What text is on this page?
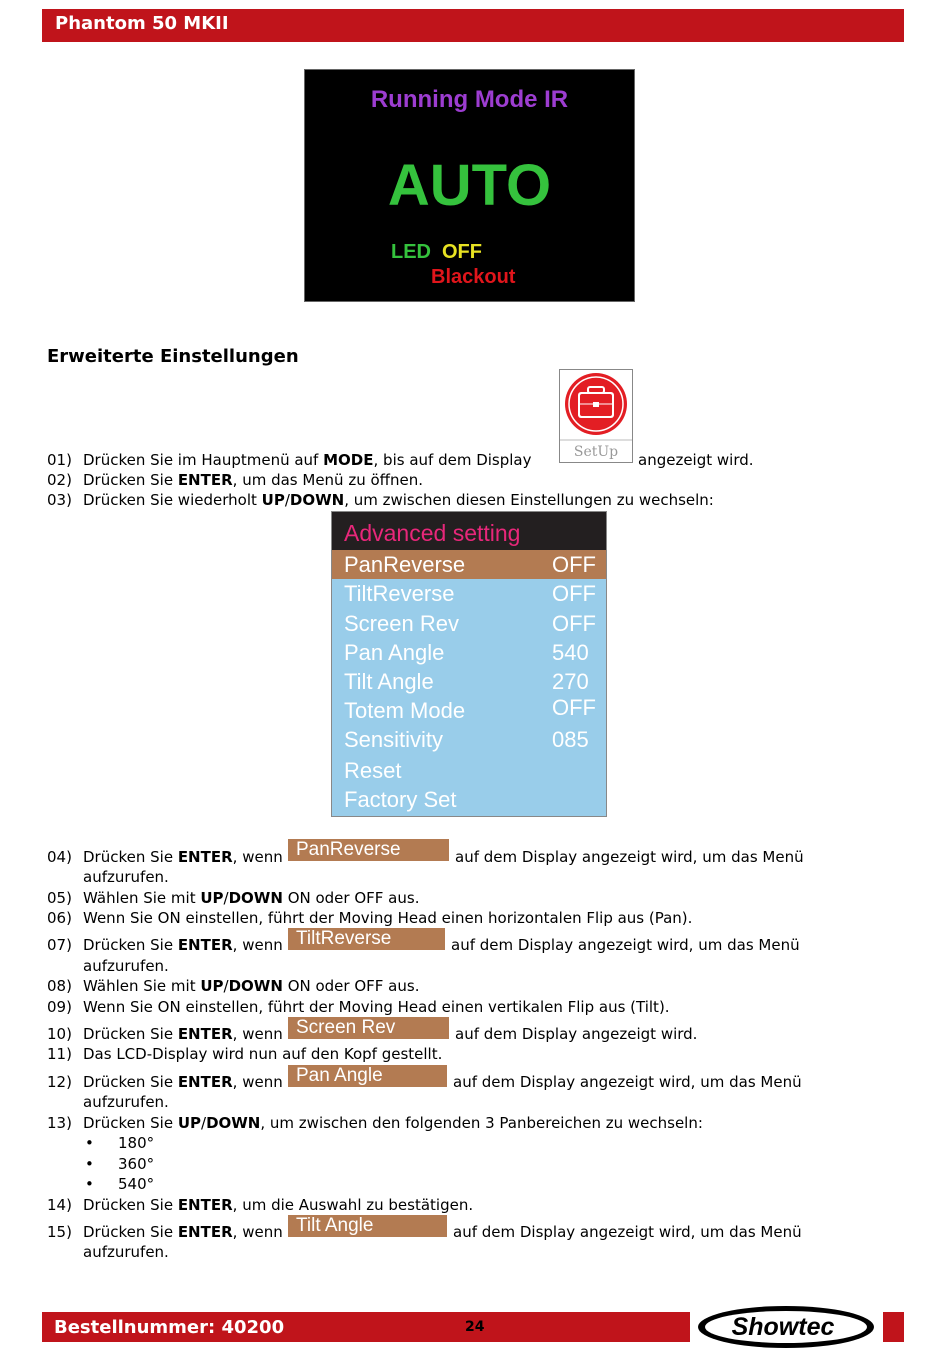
Phantom 50 MKII
Running Mode IR
AUTO
LED OFF
Blackout
Erweiterte Einstellungen
SetUp
01) Drücken Sie im Hauptmenü auf MODE, bis auf dem Display	angezeigt wird.
02) Drücken Sie ENTER, um das Menü zu öffnen.
03) Drücken Sie wiederholt UP/DOWN, um zwischen diesen Einstellungen zu wechseln:
Advanced setting
PanReverse	OFF
TiltReverse	OFF
Screen Rev	OFF
Pan Angle	540
Tilt Angle	270
Totem Mode	OFF
Sensitivity	085
Reset
Factory Set
04) Drücken Sie ENTER, wenn PanReverse	auf dem Display angezeigt wird, um das Menü
aufzurufen.
05) Wählen Sie mit UP/DOWN ON oder OFF aus.
06) Wenn Sie ON einstellen, führt der Moving Head einen horizontalen Flip aus (Pan).
07) Drücken Sie ENTER, wenn TiltReverse	auf dem Display angezeigt wird, um das Menü
aufzurufen.
08) Wählen Sie mit UP/DOWN ON oder OFF aus.
09) Wenn Sie ON einstellen, führt der Moving Head einen vertikalen Flip aus (Tilt).
10) Drücken Sie ENTER, wenn Screen Rev	auf dem Display angezeigt wird.
11) Das LCD-Display wird nun auf den Kopf gestellt.
12) Drücken Sie ENTER, wenn Pan Angle	auf dem Display angezeigt wird, um das Menü
aufzurufen.
13) Drücken Sie UP/DOWN, um zwischen den folgenden 3 Panbereichen zu wechseln:
• 180°
• 360°
• 540°
14) Drücken Sie ENTER, um die Auswahl zu bestätigen.
15) Drücken Sie ENTER, wenn Tilt Angle	auf dem Display angezeigt wird, um das Menü
aufzurufen.
Bestellnummer: 40200	24	Showtec
